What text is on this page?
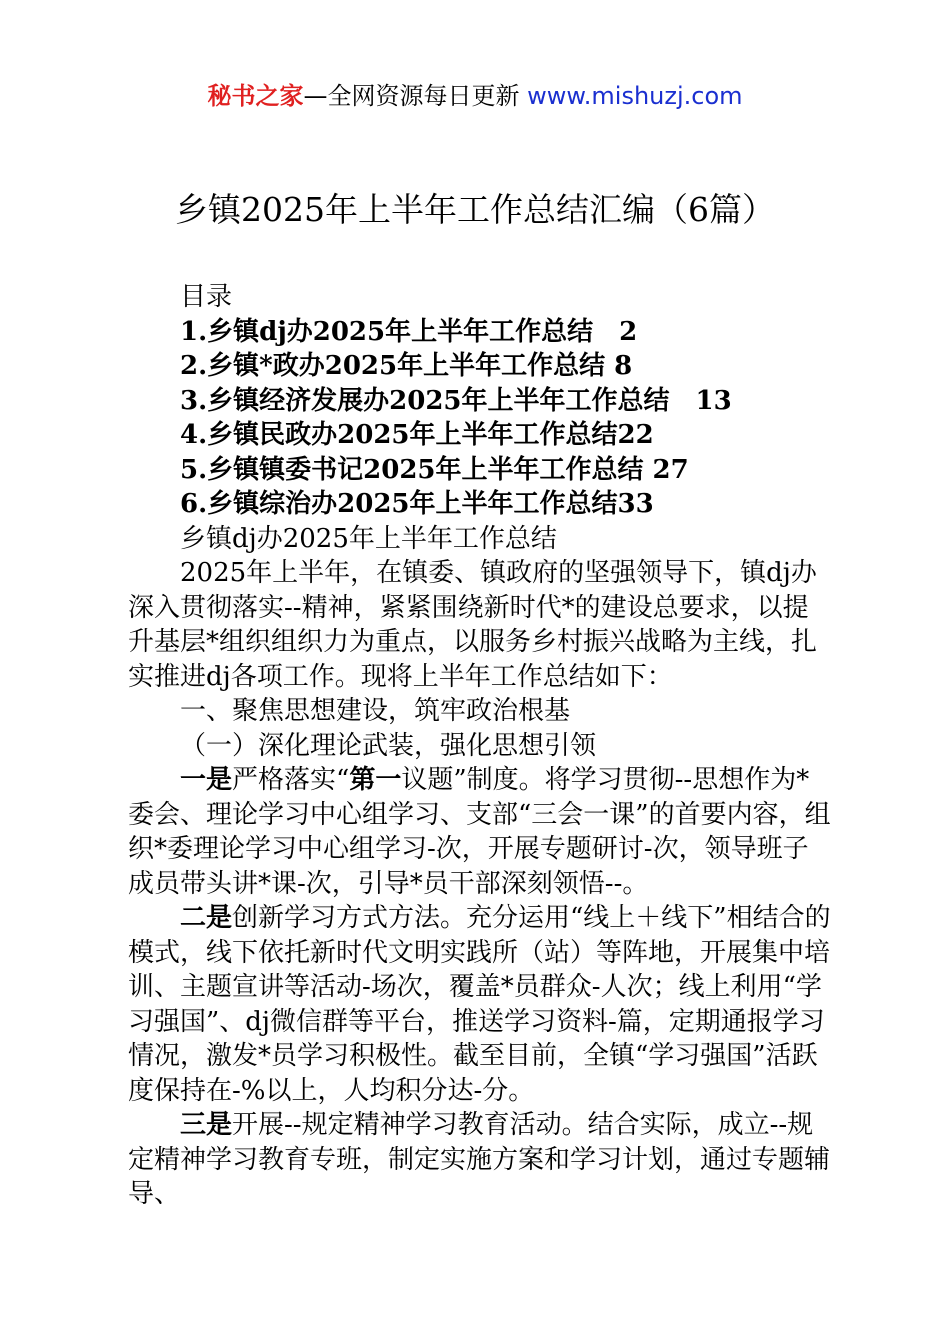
秘书之家—全网资源每日更新 www.mishuzj.com
乡镇2025年上半年工作总结汇编（6篇）
目录
1.乡镇dj办2025年上半年工作总结　2
2.乡镇*政办2025年上半年工作总结 8
3.乡镇经济发展办2025年上半年工作总结　13
4.乡镇民政办2025年上半年工作总结22
5.乡镇镇委书记2025年上半年工作总结 27
6.乡镇综治办2025年上半年工作总结33
乡镇dj办2025年上半年工作总结

2025年上半年，在镇委、镇政府的坚强领导下，镇dj办深入贯彻落实--精神，紧紧围绕新时代*的建设总要求，以提升基层*组织组织力为重点，以服务乡村振兴战略为主线，扎实推进dj各项工作。现将上半年工作总结如下：

一、聚焦思想建设，筑牢政治根基
（一）深化理论武装，强化思想引领

一是严格落实“第一议题”制度。将学习贯彻--思想作为*委会、理论学习中心组学习、支部“三会一课”的首要内容，组织*委理论学习中心组学习-次，开展专题研讨-次，领导班子成员带头讲*课-次，引导*员干部深刻领悟--。

二是创新学习方式方法。充分运用“线上＋线下”相结合的模式，线下依托新时代文明实践所（站）等阵地，开展集中培训、主题宣讲等活动-场次，覆盖*员群众-人次；线上利用“学习强国”、dj微信群等平台，推送学习资料-篇，定期通报学习情况，激发*员学习积极性。截至目前，全镇“学习强国”活跃度保持在-%以上，人均积分达-分。

三是开展--规定精神学习教育活动。结合实际，成立--规定精神学习教育专班，制定实施方案和学习计划，通过专题辅导、
